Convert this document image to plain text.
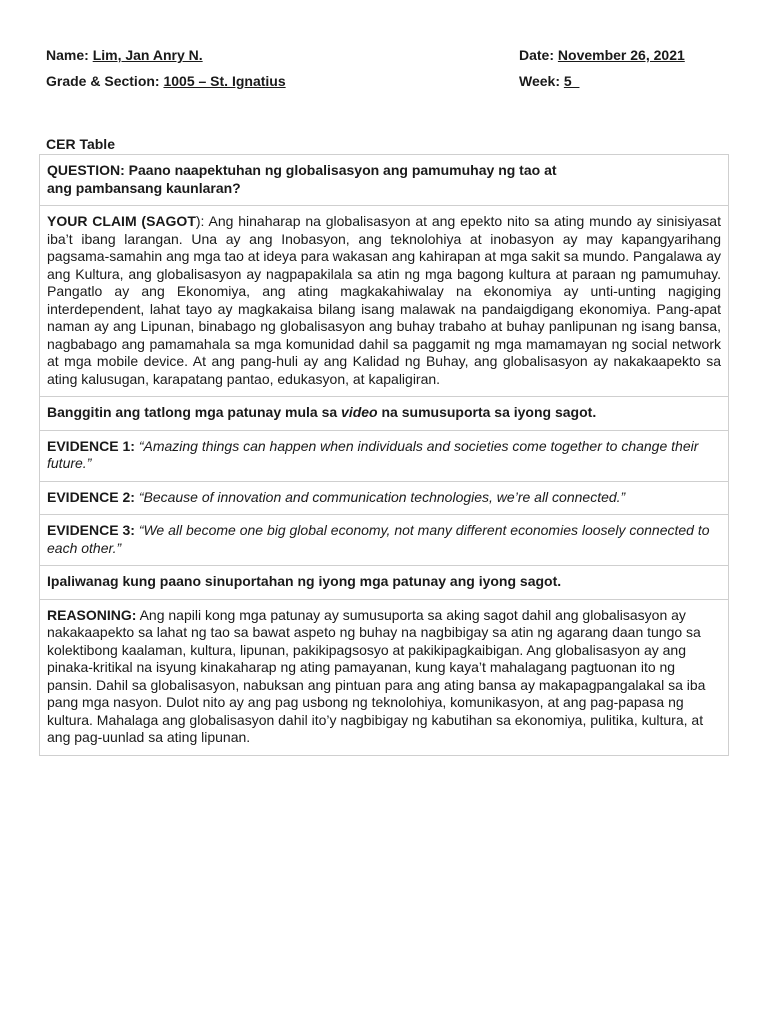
Name: Lim, Jan Anry N.	Date: November 26, 2021
Grade & Section: 1005 – St. Ignatius	Week: 5
CER Table
QUESTION: Paano naapektuhan ng globalisasyon ang pamumuhay ng tao at
ang pambansang kaunlaran?
YOUR CLAIM (SAGOT): Ang hinaharap na globalisasyon at ang epekto nito sa ating mundo ay sinisiyasat iba’t ibang larangan. Una ay ang Inobasyon, ang teknolohiya at inobasyon ay may kapangyarihang pagsama-samahin ang mga tao at ideya para wakasan ang kahirapan at mga sakit sa mundo. Pangalawa ay ang Kultura, ang globalisasyon ay nagpapakilala sa atin ng mga bagong kultura at paraan ng pamumuhay. Pangatlo ay ang Ekonomiya, ang ating magkakahiwalay na ekonomiya ay unti-unting nagiging interdependent, lahat tayo ay magkakaisa bilang isang malawak na pandaigdigang ekonomiya. Pang-apat naman ay ang Lipunan, binabago ng globalisasyon ang buhay trabaho at buhay panlipunan ng isang bansa, nagbabago ang pamamahala sa mga komunidad dahil sa paggamit ng mga mamamayan ng social network at mga mobile device. At ang pang-huli ay ang Kalidad ng Buhay, ang globalisasyon ay nakakaapekto sa ating kalusugan, karapatang pantao, edukasyon, at kapaligiran.
Banggitin ang tatlong mga patunay mula sa video na sumusuporta sa iyong sagot.
EVIDENCE 1: “Amazing things can happen when individuals and societies come together to change their future.”
EVIDENCE 2: “Because of innovation and communication technologies, we’re all connected.”
EVIDENCE 3: “We all become one big global economy, not many different economies loosely connected to each other.”
Ipaliwanag kung paano sinuportahan ng iyong mga patunay ang iyong sagot.
REASONING: Ang napili kong mga patunay ay sumusuporta sa aking sagot dahil ang globalisasyon ay nakakaapekto sa lahat ng tao sa bawat aspeto ng buhay na nagbibigay sa atin ng agarang daan tungo sa kolektibong kaalaman, kultura, lipunan, pakikipagsosyo at pakikipagkaibigan. Ang globalisasyon ay ang pinaka-kritikal na isyung kinakaharap ng ating pamayanan, kung kaya’t mahalagang pagtuonan ito ng pansin. Dahil sa globalisasyon, nabuksan ang pintuan para ang ating bansa ay makapagpangalakal sa iba pang mga nasyon. Dulot nito ay ang pag usbong ng teknolohiya, komunikasyon, at ang pag-papasa ng kultura. Mahalaga ang globalisasyon dahil ito’y nagbibigay ng kabutihan sa ekonomiya, pulitika, kultura, at ang pag-uunlad sa ating lipunan.
